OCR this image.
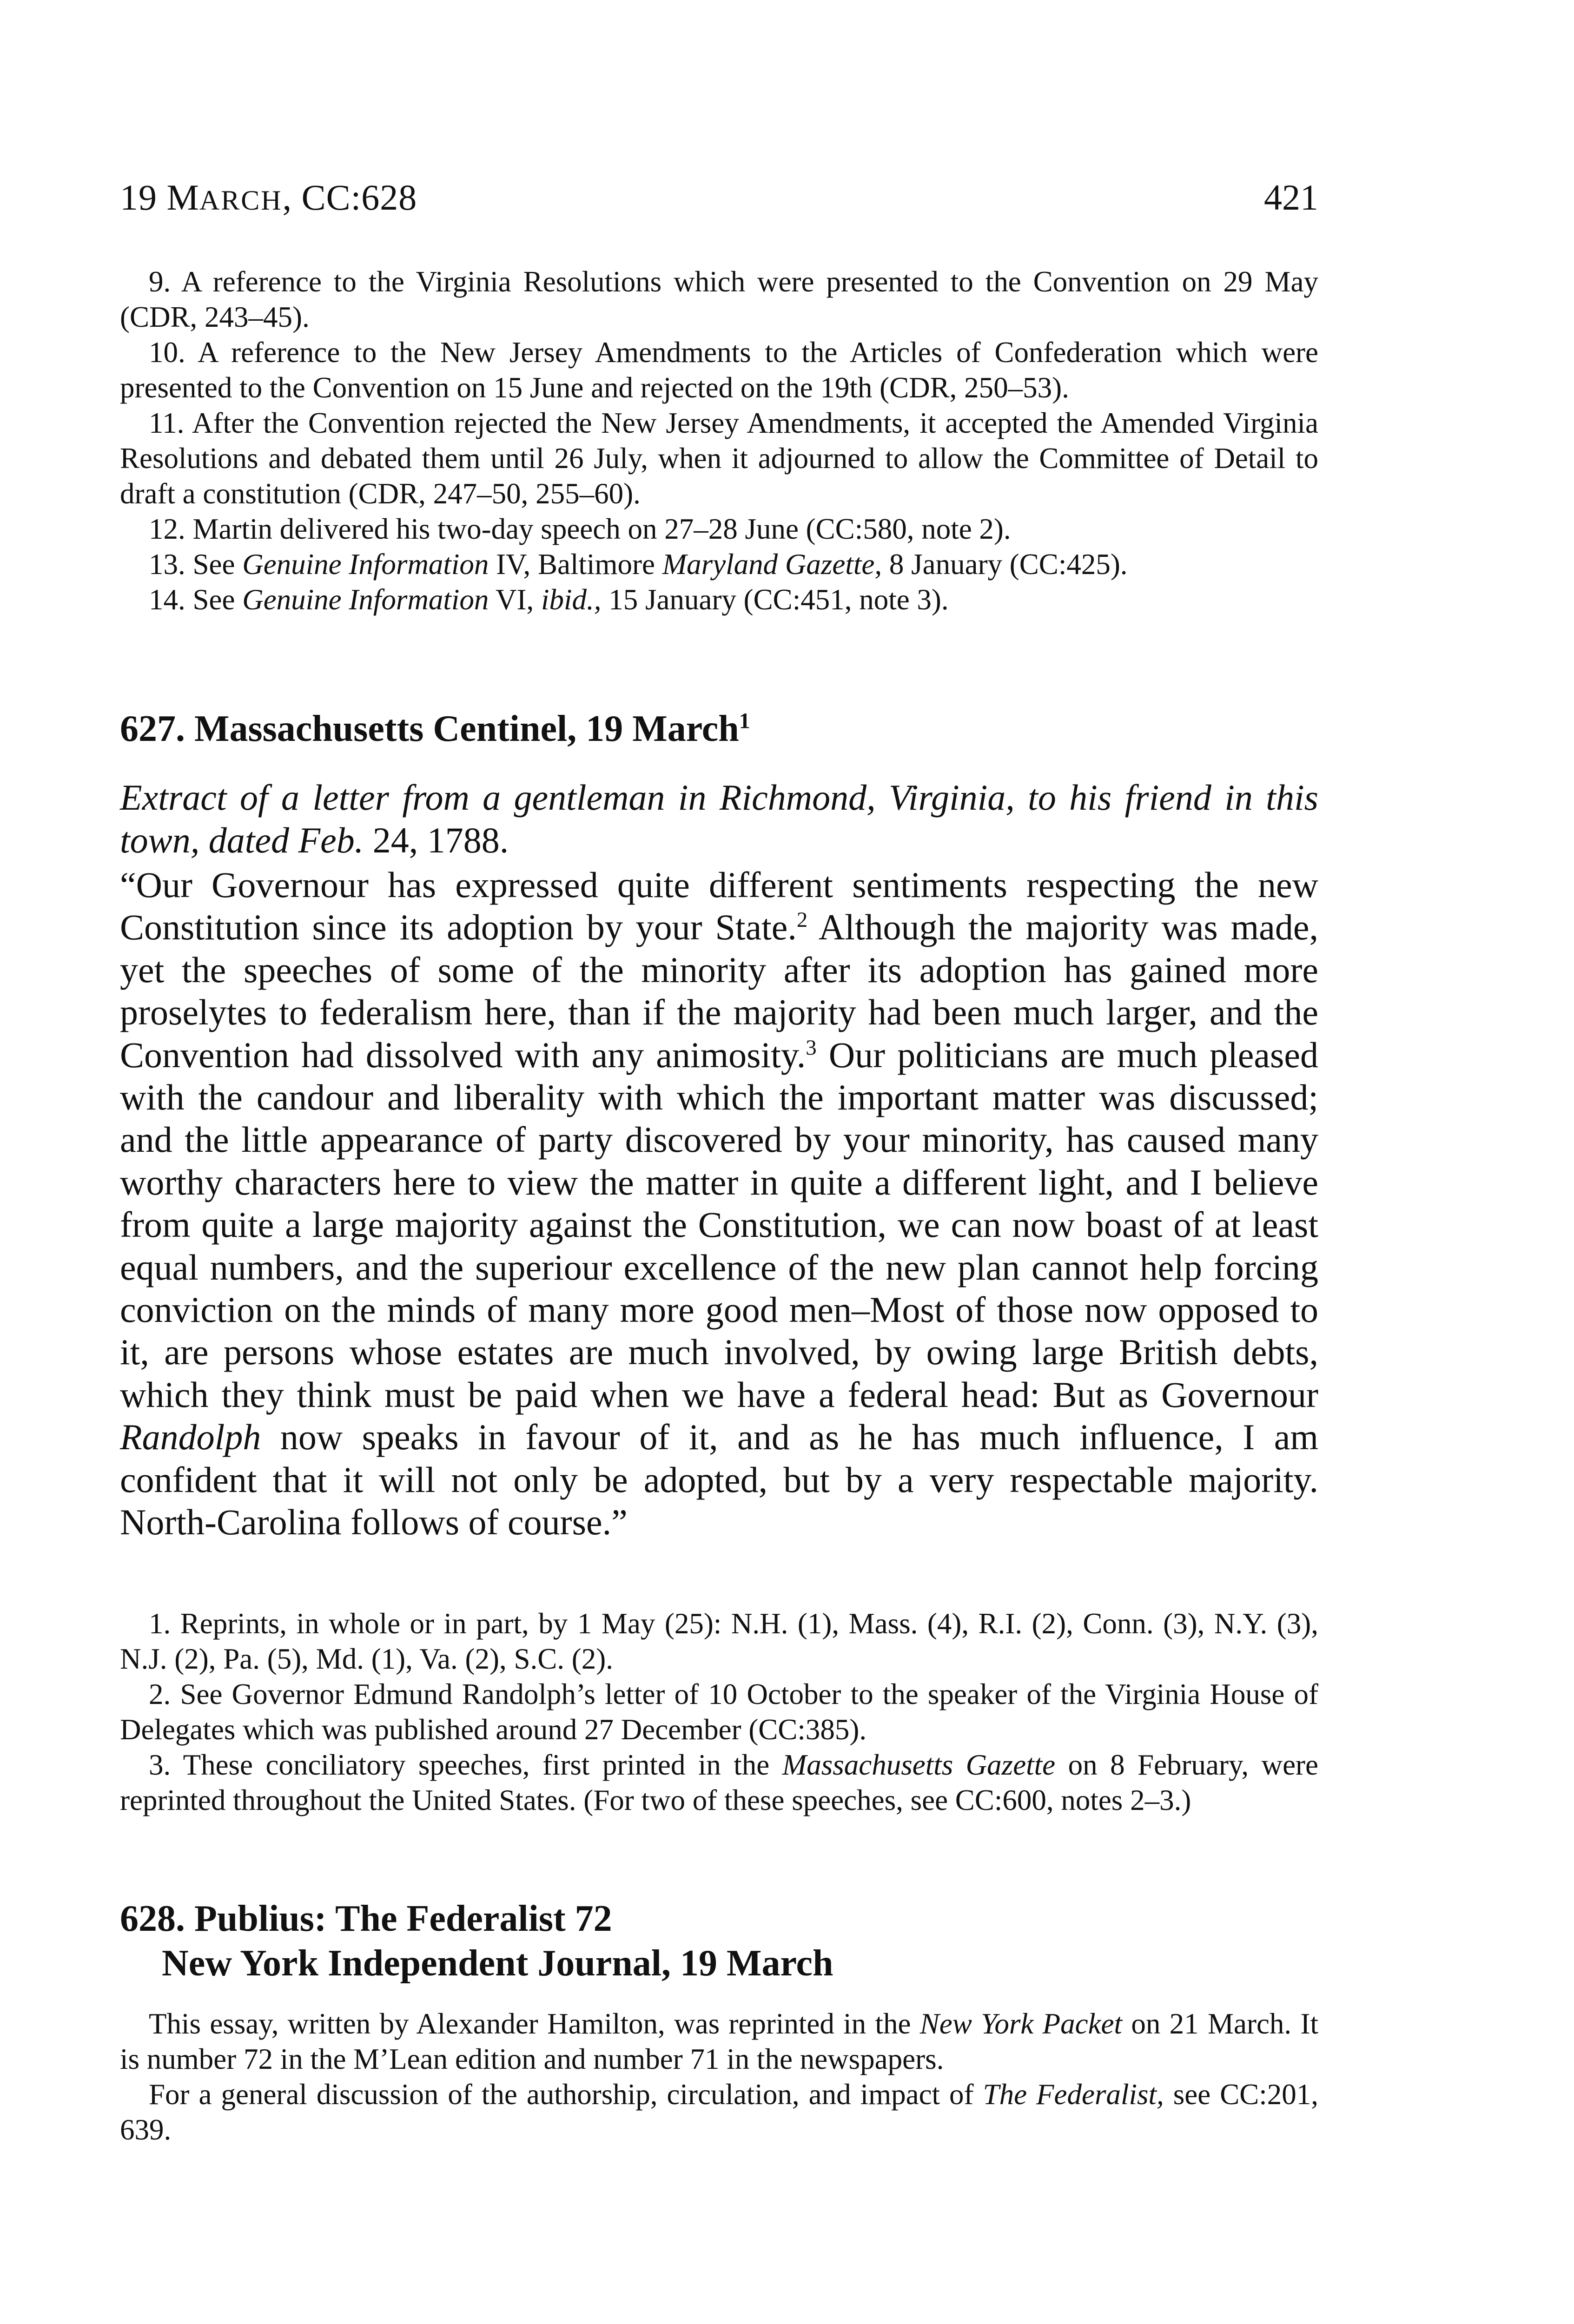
19 MARCH, CC:628	421

9. A reference to the Virginia Resolutions which were presented to the Convention on 29 May (CDR, 243–45).

10. A reference to the New Jersey Amendments to the Articles of Confederation which were presented to the Convention on 15 June and rejected on the 19th (CDR, 250–53).

11. After the Convention rejected the New Jersey Amendments, it accepted the Amended Virginia Resolutions and debated them until 26 July, when it adjourned to allow the Committee of Detail to draft a constitution (CDR, 247–50, 255–60).

12. Martin delivered his two-day speech on 27–28 June (CC:580, note 2).

13. See Genuine Information IV, Baltimore Maryland Gazette, 8 January (CC:425).

14. See Genuine Information VI, ibid., 15 January (CC:451, note 3).

627. Massachusetts Centinel, 19 March$^1$
Extract of a letter from a gentleman in Richmond, Virginia, to his friend in this town, dated Feb. 24, 1788.

“Our Governour has expressed quite different sentiments respecting the new Constitution since its adoption by your State.$^2$ Although the majority was made, yet the speeches of some of the minority after its adoption has gained more proselytes to federalism here, than if the majority had been much larger, and the Convention had dissolved with any animosity.$^3$ Our politicians are much pleased with the candour and liberality with which the important matter was discussed; and the little appearance of party discovered by your minority, has caused many worthy characters here to view the matter in quite a different light, and I believe from quite a large majority against the Constitution, we can now boast of at least equal numbers, and the superiour excellence of the new plan cannot help forcing conviction on the minds of many more good men–Most of those now opposed to it, are persons whose estates are much involved, by owing large British debts, which they think must be paid when we have a federal head: But as Governour Randolph now speaks in favour of it, and as he has much influence, I am confident that it will not only be adopted, but by a very respectable majority. North-Carolina follows of course.”

1. Reprints, in whole or in part, by 1 May (25): N.H. (1), Mass. (4), R.I. (2), Conn. (3), N.Y. (3), N.J. (2), Pa. (5), Md. (1), Va. (2), S.C. (2).

2. See Governor Edmund Randolph’s letter of 10 October to the speaker of the Virginia House of Delegates which was published around 27 December (CC:385).

3. These conciliatory speeches, first printed in the Massachusetts Gazette on 8 February, were reprinted throughout the United States. (For two of these speeches, see CC:600, notes 2–3.)

628. Publius: The Federalist 72
New York Independent Journal, 19 March

This essay, written by Alexander Hamilton, was reprinted in the New York Packet on 21 March. It is number 72 in the M’Lean edition and number 71 in the newspapers.

For a general discussion of the authorship, circulation, and impact of The Federalist, see CC:201, 639.
